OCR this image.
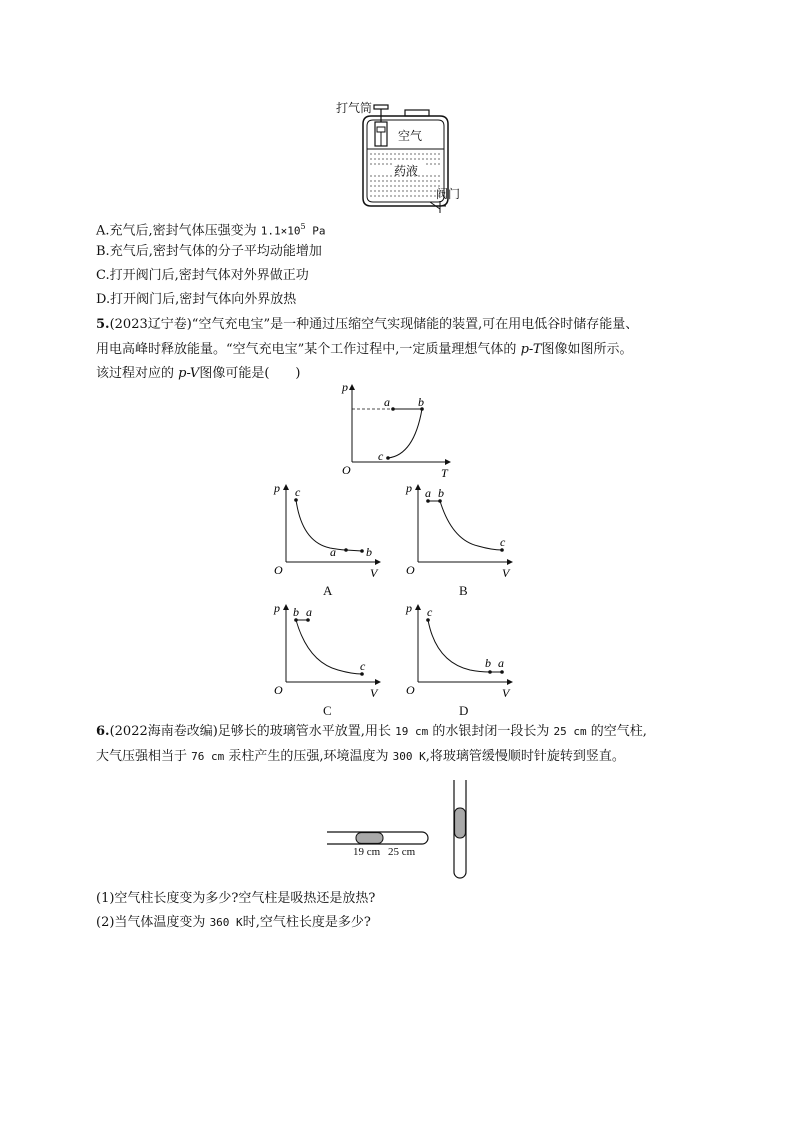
打气筒
空气
药液
阀门
A.充气后,密封气体压强变为 $1.1\times 10^5$ Pa
B.充气后,密封气体的分子平均动能增加
C.打开阀门后,密封气体对外界做正功
D.打开阀门后,密封气体向外界放热
5.(2023辽宁卷)“空气充电宝”是一种通过压缩空气实现储能的装置,可在用电低谷时储存能量、
用电高峰时释放能量。“空气充电宝”某个工作过程中,一定质量理想气体的 p-T图像如图所示。
该过程对应的 p-V图像可能是(　　)
p
T
O
a b
c
p
V
O
c
a	b
A
p
V
O
a b
c
B
p
V
O
b a
c
C
p
V
O
c
b a
D
6.(2022海南卷改编)足够长的玻璃管水平放置,用长 19 cm 的水银封闭一段长为 25 cm 的空气柱,
大气压强相当于 76 cm 汞柱产生的压强,环境温度为 300 K,将玻璃管缓慢顺时针旋转到竖直。
19 cm 25 cm
(1)空气柱长度变为多少?空气柱是吸热还是放热?
(2)当气体温度变为 360 K时,空气柱长度是多少?
